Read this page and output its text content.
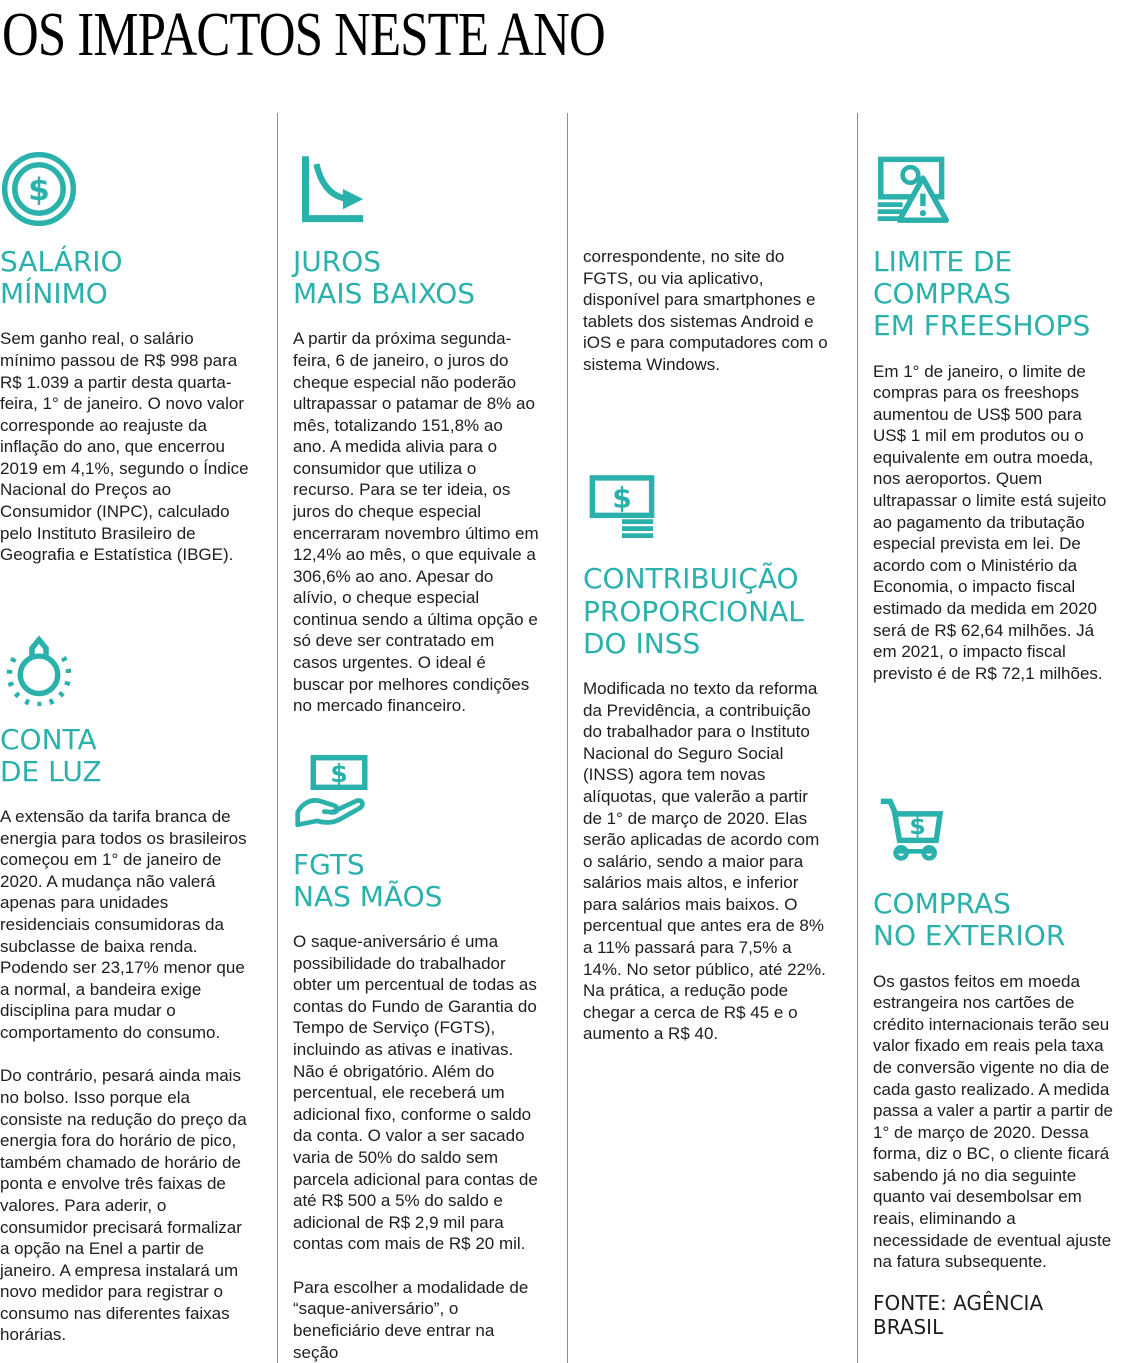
OS IMPACTOS NESTE ANO
$
SALÁRIO
MÍNIMO

Sem ganho real, o salário mínimo passou de R$ 998 para R$ 1.039 a partir desta quarta-feira, 1° de janeiro. O novo valor corresponde ao reajuste da inflação do ano, que encerrou 2019 em 4,1%, segundo o Índice Nacional do Preços ao Consumidor (INPC), calculado pelo Instituto Brasileiro de Geografia e Estatística (IBGE).

CONTA
DE LUZ

A extensão da tarifa branca de energia para todos os brasileiros começou em 1° de janeiro de 2020. A mudança não valerá apenas para unidades residenciais consumidoras da subclasse de baixa renda. Podendo ser 23,17% menor que a normal, a bandeira exige disciplina para mudar o comportamento do consumo.

Do contrário, pesará ainda mais no bolso. Isso porque ela consiste na redução do preço da energia fora do horário de pico, também chamado de horário de ponta e envolve três faixas de valores. Para aderir, o consumidor precisará formalizar a opção na Enel a partir de janeiro. A empresa instalará um novo medidor para registrar o consumo nas diferentes faixas horárias.

JUROS
MAIS BAIXOS

A partir da próxima segunda-feira, 6 de janeiro, o juros do cheque especial não poderão ultrapassar o patamar de 8% ao mês, totalizando 151,8% ao ano. A medida alivia para o consumidor que utiliza o recurso. Para se ter ideia, os juros do cheque especial encerraram novembro último em 12,4% ao mês, o que equivale a 306,6% ao ano. Apesar do alívio, o cheque especial continua sendo a última opção e só deve ser contratado em casos urgentes. O ideal é buscar por melhores condições no mercado financeiro.

$
FGTS
NAS MÃOS

O saque-aniversário é uma possibilidade do trabalhador obter um percentual de todas as contas do Fundo de Garantia do Tempo de Serviço (FGTS), incluindo as ativas e inativas. Não é obrigatório. Além do percentual, ele receberá um adicional fixo, conforme o saldo da conta. O valor a ser sacado varia de 50% do saldo sem parcela adicional para contas de até R$ 500 a 5% do saldo e adicional de R$ 2,9 mil para contas com mais de R$ 20 mil.

Para escolher a modalidade de “saque-aniversário”, o beneficiário deve entrar na seção

correspondente, no site do FGTS, ou via aplicativo, disponível para smartphones e tablets dos sistemas Android e iOS e para computadores com o sistema Windows.

$
CONTRIBUIÇÃO
PROPORCIONAL
DO INSS

Modificada no texto da reforma da Previdência, a contribuição do trabalhador para o Instituto Nacional do Seguro Social (INSS) agora tem novas alíquotas, que valerão a partir de 1° de março de 2020. Elas serão aplicadas de acordo com o salário, sendo a maior para salários mais altos, e inferior para salários mais baixos. O percentual que antes era de 8% a 11% passará para 7,5% a 14%. No setor público, até 22%. Na prática, a redução pode chegar a cerca de R$ 45 e o aumento a R$ 40.

LIMITE DE COMPRAS
EM FREESHOPS

Em 1° de janeiro, o limite de compras para os freeshops aumentou de US$ 500 para US$ 1 mil em produtos ou o equivalente em outra moeda, nos aeroportos. Quem ultrapassar o limite está sujeito ao pagamento da tributação especial prevista em lei. De acordo com o Ministério da Economia, o impacto fiscal estimado da medida em 2020 será de R$ 62,64 milhões. Já em 2021, o impacto fiscal previsto é de R$ 72,1 milhões.

$
COMPRAS
NO EXTERIOR

Os gastos feitos em moeda estrangeira nos cartões de crédito internacionais terão seu valor fixado em reais pela taxa de conversão vigente no dia de cada gasto realizado. A medida passa a valer a partir a partir de 1° de março de 2020. Dessa forma, diz o BC, o cliente ficará sabendo já no dia seguinte quanto vai desembolsar em reais, eliminando a necessidade de eventual ajuste na fatura subsequente.

FONTE: AGÊNCIA BRASIL
